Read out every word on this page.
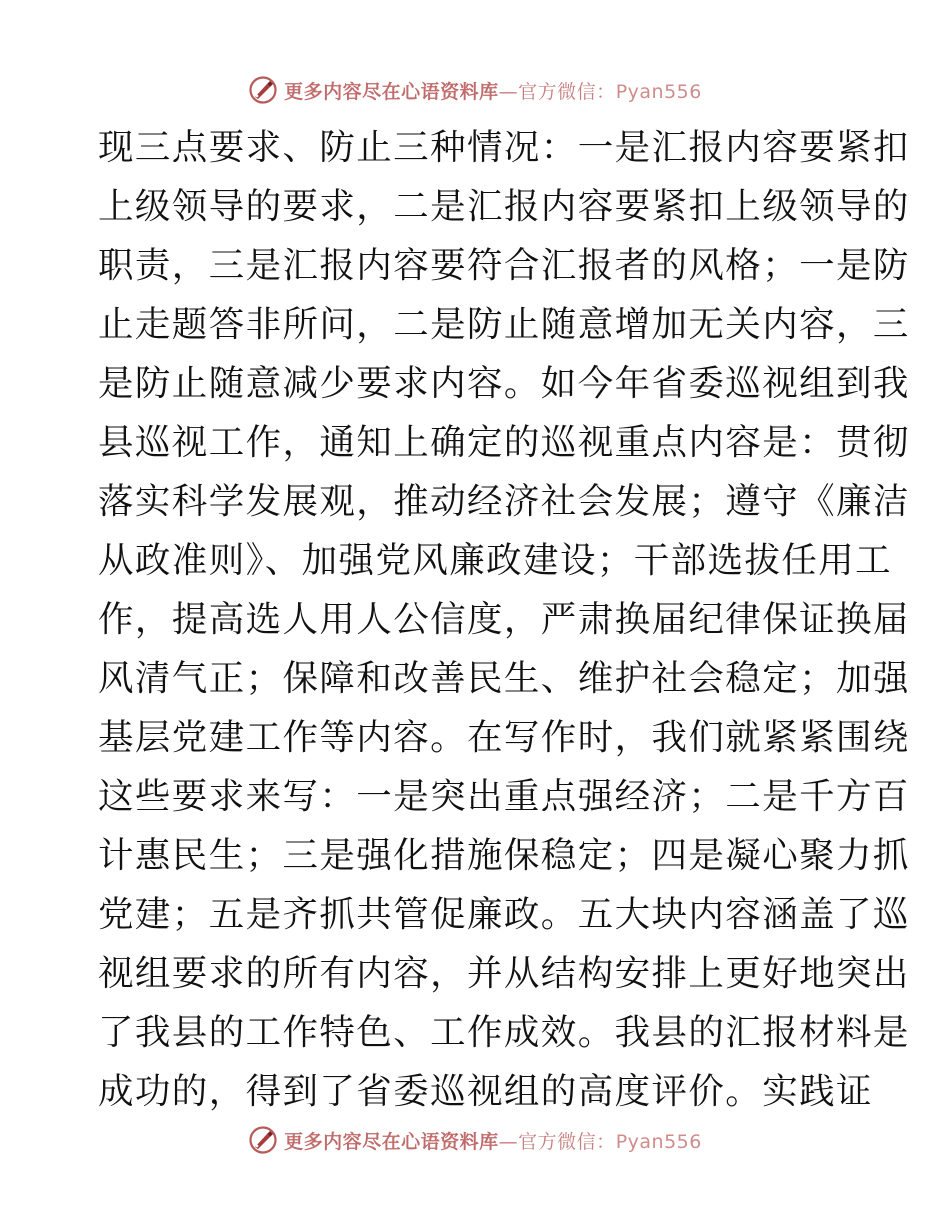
更多内容尽在心语资料库—官方微信：Pyan556
现三点要求、防止三种情况：一是汇报内容要紧扣
上级领导的要求，二是汇报内容要紧扣上级领导的
职责，三是汇报内容要符合汇报者的风格；一是防
止走题答非所问，二是防止随意增加无关内容，三
是防止随意减少要求内容。如今年省委巡视组到我
县巡视工作，通知上确定的巡视重点内容是：贯彻
落实科学发展观，推动经济社会发展；遵守《廉洁
从政准则》、加强党风廉政建设；干部选拔任用工
作，提高选人用人公信度，严肃换届纪律保证换届
风清气正；保障和改善民生、维护社会稳定；加强
基层党建工作等内容。在写作时，我们就紧紧围绕
这些要求来写：一是突出重点强经济；二是千方百
计惠民生；三是强化措施保稳定；四是凝心聚力抓
党建；五是齐抓共管促廉政。五大块内容涵盖了巡
视组要求的所有内容，并从结构安排上更好地突出
了我县的工作特色、工作成效。我县的汇报材料是
成功的，得到了省委巡视组的高度评价。实践证
更多内容尽在心语资料库—官方微信：Pyan556
